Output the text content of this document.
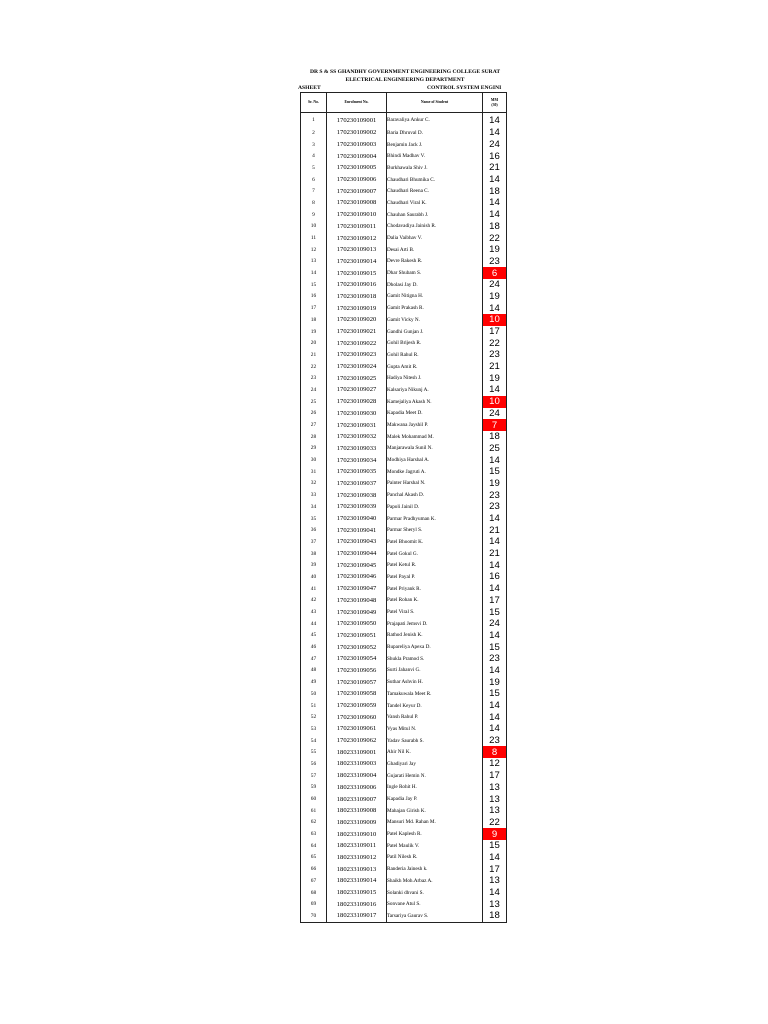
DR S & SS GHANDHY GOVERNMENT ENGINEERING COLLEGE SURAT
ELECTRICAL ENGINEERING DEPARTMENT
ASHEET	CONTROL SYSTEM ENGINI
Sr. No.	Enrolment No.	Name of Student	MM
(30)
1	170230109001	Baravaliya Ankur C.	14
2	170230109002	Baria Dhruval D.	14
3	170230109003	Benjamin Jack J.	24
4	170230109004	Bhindi Madhav V.	16
5	170230109005	Burkhawala Shiv J.	21
6	170230109006	Chaudhari Bhumika C.	14
7	170230109007	Chaudhari Reena C.	18
8	170230109008	Chaudhari Viral K.	14
9	170230109010	Chauhan Saurabh J.	14
10	170230109011	Chodavadiya Jainish R.	18
11	170230109012	Dalia Vaibhav V.	22
12	170230109013	Desai Arti B.	19
13	170230109014	Devre Rakesh R.	23
14	170230109015	Dhar Shubam S.	6
15	170230109016	Dholasi Jay D.	24
16	170230109018	Gamit Nitigna H.	19
17	170230109019	Gamit Prakash R.	14
18	170230109020	Gamit Vicky N.	10
19	170230109021	Gandhi Gunjan J.	17
20	170230109022	Gohil Brijesh R.	22
21	170230109023	Gohil Rahul R.	23
22	170230109024	Gupta Amit R.	21
23	170230109025	Hadiya Nitesh J.	19
24	170230109027	Kalsariya Nikunj A.	14
25	170230109028	Kamejaliya Akash N.	10
26	170230109030	Kapadia Meet D.	24
27	170230109031	Makwana Jayshil P.	7
28	170230109032	Malek Mohammad M.	18
29	170230109033	Manjarawala Sunil N.	25
30	170230109034	Modhiya Harshal A.	14
31	170230109035	Mondke Jagruti A.	15
32	170230109037	Painter Harshal N.	19
33	170230109038	Panchal Akash D.	23
34	170230109039	Papoli Jainil D.	23
35	170230109040	Parmar Pradhyuman K.	14
36	170230109041	Parmar Sheryl S.	21
37	170230109043	Patel Bhoomit K.	14
38	170230109044	Patel Gokul G.	21
39	170230109045	Patel Ketul R.	14
40	170230109046	Patel Payal P.	16
41	170230109047	Patel Priyank R.	14
42	170230109048	Patel Rohan K.	17
43	170230109049	Patel Viral S.	15
44	170230109050	Prajapati Jemsvi D.	24
45	170230109051	Rathod Jenish K.	14
46	170230109052	Rupareliya Apexa D.	15
47	170230109054	Shukla Pramod S.	23
48	170230109056	Surti Jahanvi G.	14
49	170230109057	Suthar Ashvin H.	19
50	170230109058	Tamakuwala Meet R.	15
51	170230109059	Tandel Keyur D.	14
52	170230109060	Vansh Rahul P.	14
53	170230109061	Vyas Mitul N.	14
54	170230109062	Yadav Saurabh S.	23
55	180233109001	Ahir Nil K.	8
56	180233109003	Ghadiyari Jay	12
57	180233109004	Gujarati Hemin N.	17
59	180233109006	Ingle Rohit H.	13
60	180233109007	Kapadia Jay P.	13
61	180233109008	Mahajan Girish K.	13
62	180233109009	Mansuri Md. Rahan M.	22
63	180233109010	Patel Kaplesh R.	9
64	180233109011	Patel Maulik V.	15
65	180233109012	Patil Nilesh R.	14
66	180233109013	Randeria Jainesh k.	17
67	180233109014	Shaikh Moh.Arbaz A.	13
68	180233109015	Solanki dhvani S.	14
69	180233109016	Sonvane Atul S.	13
70	180233109017	Tarsariya Gaurav S.	18
